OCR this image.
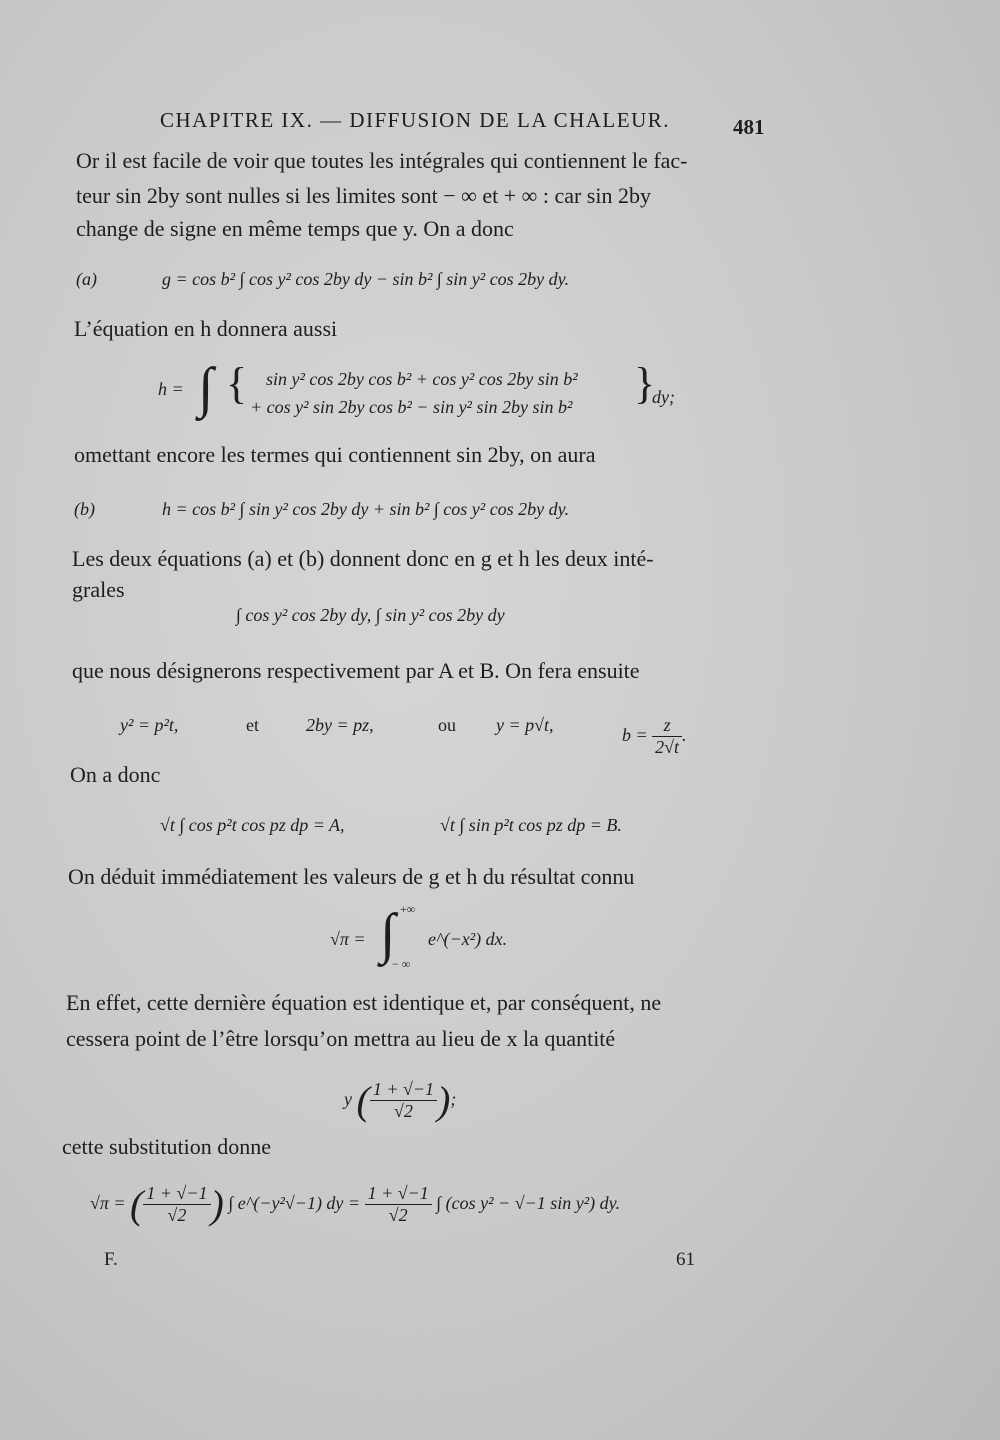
CHAPITRE IX. — DIFFUSION DE LA CHALEUR.	481
Or il est facile de voir que toutes les intégrales qui contiennent le fac-
teur sin 2by sont nulles si les limites sont − ∞ et + ∞ : car sin 2by
change de signe en même temps que y. On a donc
(a)	g = cos b² ∫ cos y² cos 2by dy − sin b² ∫ sin y² cos 2by dy.
L’équation en h donnera aussi
h = ∫ { sin y² cos 2by cos b² + cos y² cos 2by sin b²
+ cos y² sin 2by cos b² − sin y² sin 2by sin b² }
dy;
omettant encore les termes qui contiennent sin 2by, on aura
(b)	h = cos b² ∫ sin y² cos 2by dy + sin b² ∫ cos y² cos 2by dy.
Les deux équations (a) et (b) donnent donc en g et h les deux inté-
grales
∫ cos y² cos 2by dy, ∫ sin y² cos 2by dy
que nous désignerons respectivement par A et B. On fera ensuite
y² = p²t,	et	2by = pz,	ou y = p√t,	$b = \frac{z}{2√t}$ .
On a donc
√t ∫ cos p²t cos pz dp = A,	√t ∫ sin p²t cos pz dp = B.
On déduit immédiatement les valeurs de g et h du résultat connu
√π = ∫ +∞
− ∞
e^(−x²) dx.
En effet, cette dernière équation est identique et, par conséquent, ne
cessera point de l’être lorsqu’on mettra au lieu de x la quantité
y ( $\frac{1 + √-1}{√2}$ );
cette substitution donne
√π = ( $\frac{1 + √-1}{√2}$ ) ∫ e^(−y²√−1) dy = $\frac{1 + √-1}{√2}$ ∫ (cos y² − √−1 sin y²) dy.
F.	61
